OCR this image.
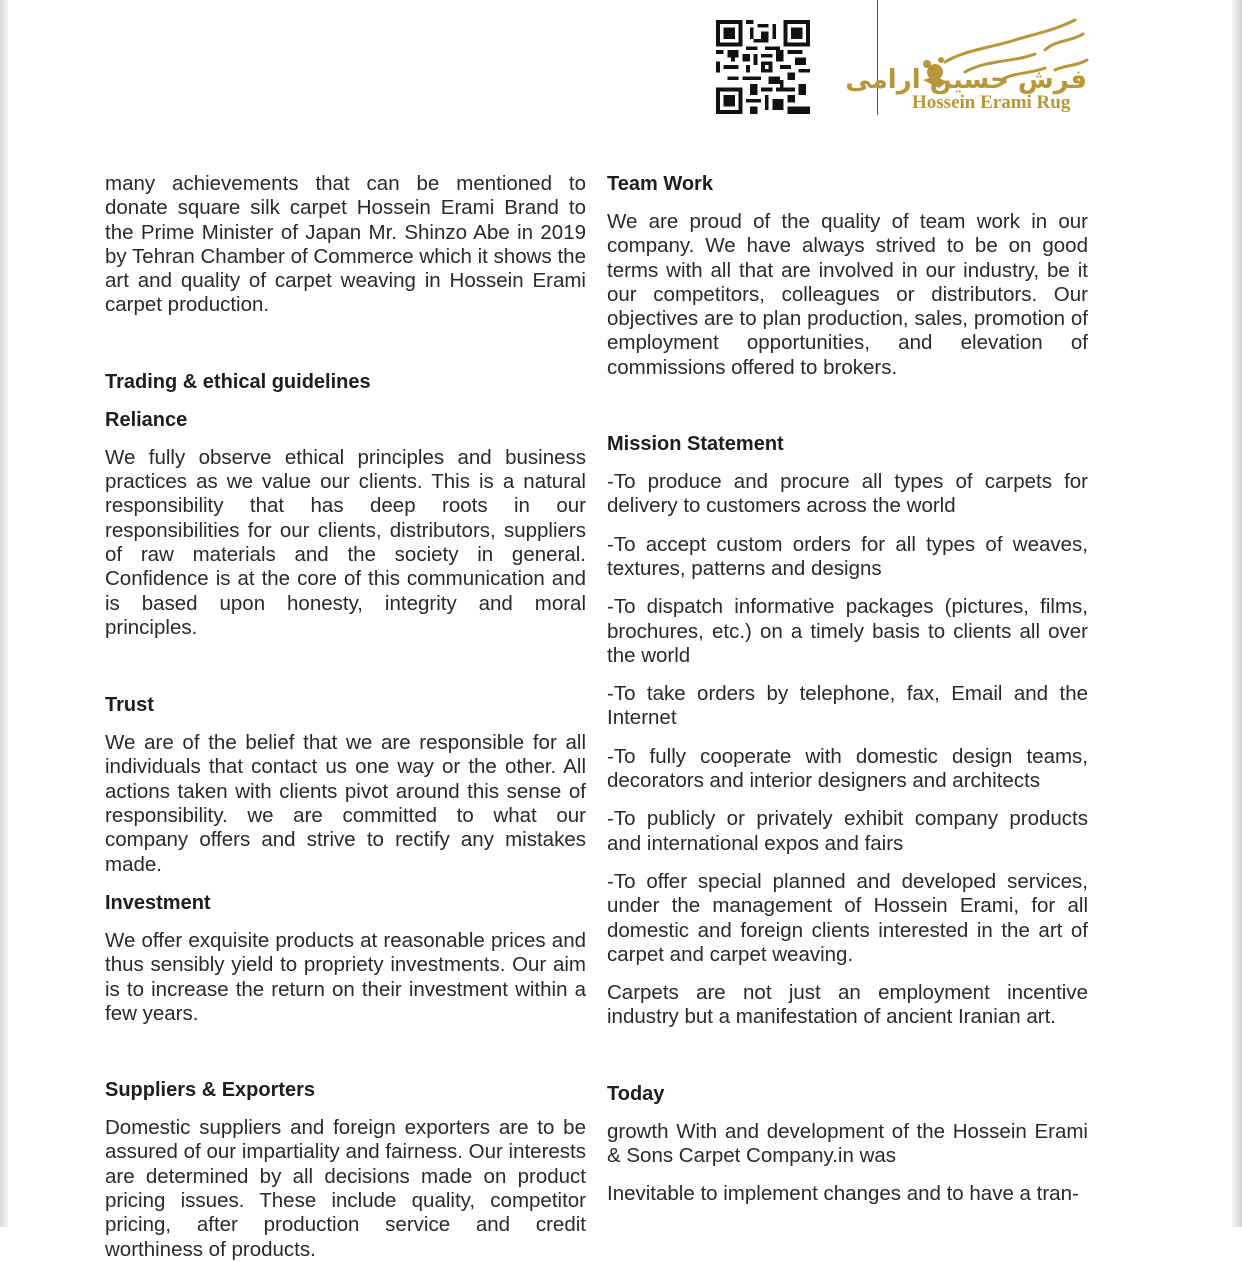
فرش حسین ارامی
Hossein Erami Rug

many achievements that can be mentioned to donate square silk carpet Hossein Erami Brand to the Prime Minister of Japan Mr. Shinzo Abe in 2019 by Tehran Chamber of Commerce which it shows the art and quality of carpet weaving in Hossein Erami carpet production.

Trading & ethical guidelines
Reliance

We fully observe ethical principles and business practices as we value our clients. This is a natural responsibility that has deep roots in our responsibilities for our clients, distributors, suppliers of raw materials and the society in general. Confidence is at the core of this communication and is based upon honesty, integrity and moral principles.

Trust

We are of the belief that we are responsible for all individuals that contact us one way or the other. All actions taken with clients pivot around this sense of responsibility. we are committed to what our company offers and strive to rectify any mistakes made.

Investment

We offer exquisite products at reasonable prices and thus sensibly yield to propriety investments. Our aim is to increase the return on their investment within a few years.

Suppliers & Exporters

Domestic suppliers and foreign exporters are to be assured of our impartiality and fairness. Our interests are determined by all decisions made on product pricing issues. These include quality, competitor pricing, after production service and credit worthiness of products.

Team Work

We are proud of the quality of team work in our company. We have always strived to be on good terms with all that are involved in our industry, be it our competitors, colleagues or distributors. Our objectives are to plan production, sales, promotion of employment opportunities, and elevation of commissions offered to brokers.

Mission Statement

-To produce and procure all types of carpets for delivery to customers across the world

-To accept custom orders for all types of weaves, textures, patterns and designs

-To dispatch informative packages (pictures, films, brochures, etc.) on a timely basis to clients all over the world

-To take orders by telephone, fax, Email and the Internet

-To fully cooperate with domestic design teams, decorators and interior designers and architects

-To publicly or privately exhibit company products and international expos and fairs

-To offer special planned and developed services, under the management of Hossein Erami, for all domestic and foreign clients interested in the art of carpet and carpet weaving.

Carpets are not just an employment incentive industry but a manifestation of ancient Iranian art.

Today

growth With and development of the Hossein Erami & Sons Carpet Company.in was

Inevitable to implement changes and to have a tran-
